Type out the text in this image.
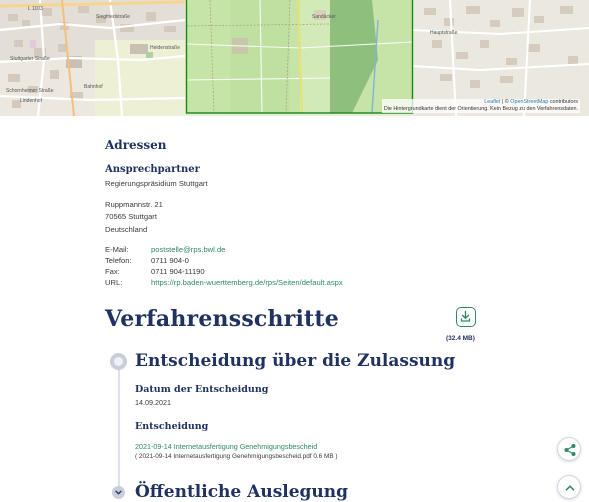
L 1103
Siegfriedstraße
Heidenstraße
Sandäcker
Hauptstraße
Stuttgarter Straße
Schornheimer Straße
Bahnhof
Lindenhof	Leaflet | © OpenStreetMap contributors
Die Hintergrundkarte dient der Orientierung. Kein Bezug zu den Verfahrensdaten.
Adressen
Ansprechpartner
Regierungspräsidium Stuttgart
Ruppmannstr. 21
70565 Stuttgart
Deutschland
E-Mail:	poststelle@rps.bwl.de
Telefon:	0711 904-0
Fax:	0711 904-11190
URL:	https://rp.baden-wuerttemberg.de/rps/Seiten/default.aspx
Verfahrensschritte
(32.4 MB)
Entscheidung über die Zulassung
Datum der Entscheidung
14.09.2021
Entscheidung
2021-09-14 Internetausfertigung Genehmigungsbescheid
( 2021-09-14 Internetausfertigung Genehmigungsbescheid.pdf 0.6 MB )
Öffentliche Auslegung
